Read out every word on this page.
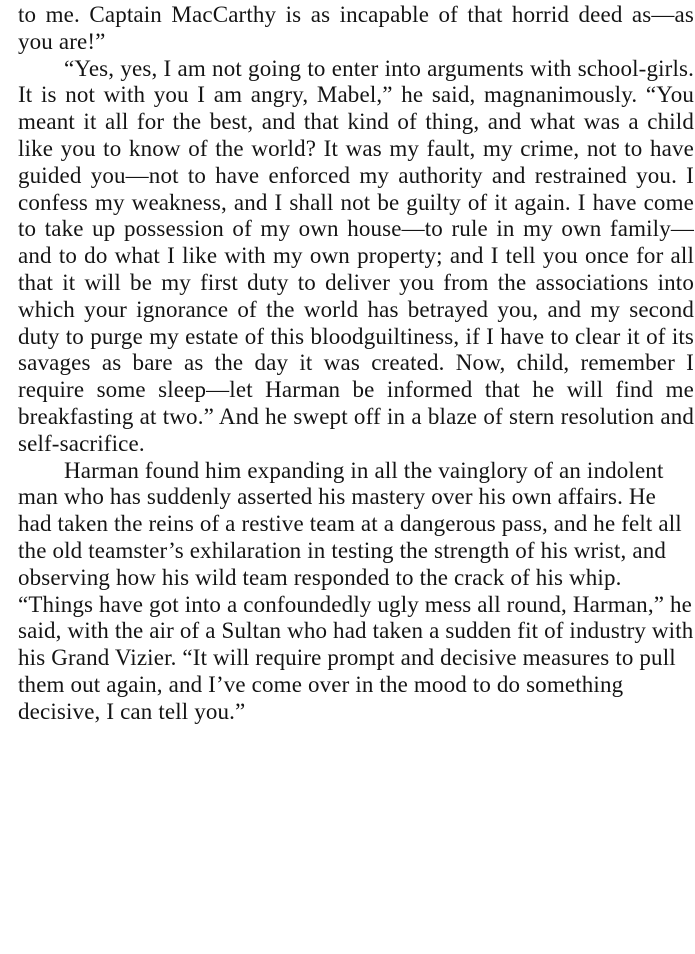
to me. Captain MacCarthy is as incapable of that horrid deed as—as you are!”

“Yes, yes, I am not going to enter into arguments with school-girls. It is not with you I am angry, Mabel,” he said, magnanimously. “You meant it all for the best, and that kind of thing, and what was a child like you to know of the world? It was my fault, my crime, not to have guided you—not to have enforced my authority and restrained you. I confess my weakness, and I shall not be guilty of it again. I have come to take up possession of my own house—to rule in my own family—and to do what I like with my own property; and I tell you once for all that it will be my first duty to deliver you from the associations into which your ignorance of the world has betrayed you, and my second duty to purge my estate of this bloodguiltiness, if I have to clear it of its savages as bare as the day it was created. Now, child, remember I require some sleep—let Harman be informed that he will find me breakfasting at two.” And he swept off in a blaze of stern resolution and self-sacrifice.

Harman found him expanding in all the vainglory of an indolent man who has suddenly asserted his mastery over his own affairs. He had taken the reins of a restive team at a dangerous pass, and he felt all the old teamster’s exhilaration in testing the strength of his wrist, and observing how his wild team responded to the crack of his whip. “Things have got into a confoundedly ugly mess all round, Harman,” he said, with the air of a Sultan who had taken a sudden fit of industry with his Grand Vizier. “It will require prompt and decisive measures to pull them out again, and I’ve come over in the mood to do something decisive, I can tell you.”
